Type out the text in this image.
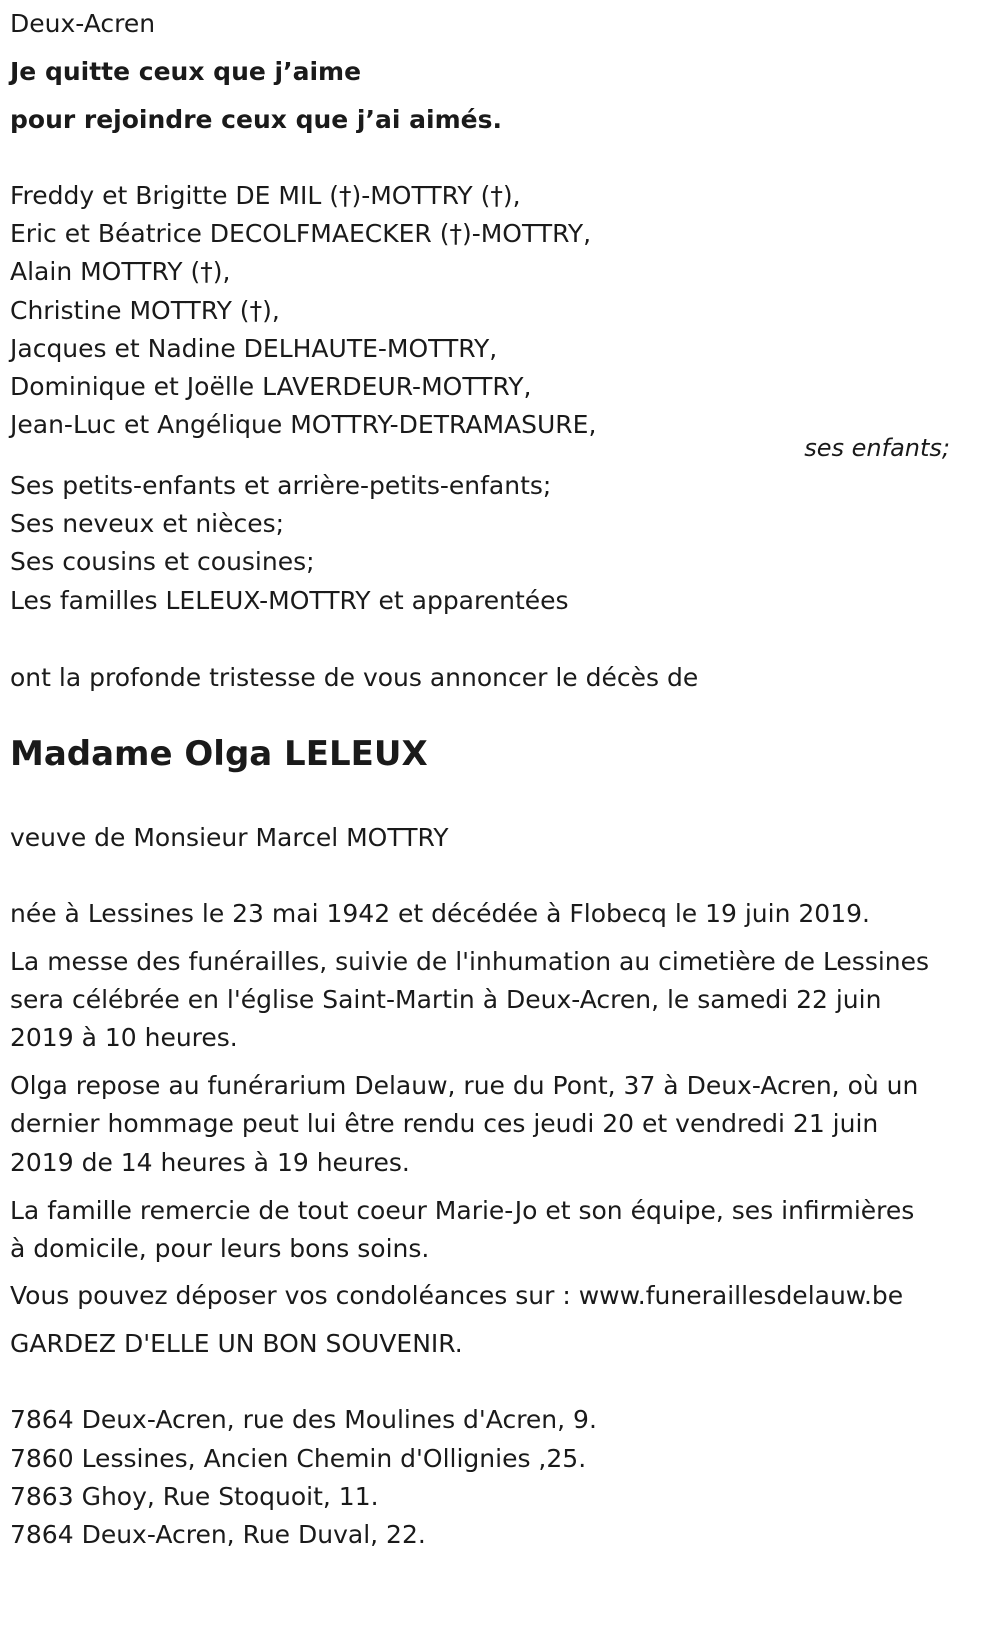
Deux-Acren
Je quitte ceux que j’aime
pour rejoindre ceux que j’ai aimés.
Freddy et Brigitte DE MIL (†)-MOTTRY (†),
Eric et Béatrice DECOLFMAECKER (†)-MOTTRY,
Alain MOTTRY (†),
Christine MOTTRY (†),
Jacques et Nadine DELHAUTE-MOTTRY,
Dominique et Joëlle LAVERDEUR-MOTTRY,
Jean-Luc et Angélique MOTTRY-DETRAMASURE,
ses enfants;
Ses petits-enfants et arrière-petits-enfants;
Ses neveux et nièces;
Ses cousins et cousines;
Les familles LELEUX-MOTTRY et apparentées
ont la profonde tristesse de vous annoncer le décès de
Madame Olga LELEUX
veuve de Monsieur Marcel MOTTRY
née à Lessines le 23 mai 1942 et décédée à Flobecq le 19 juin 2019.
La messe des funérailles, suivie de l'inhumation au cimetière de Lessines
sera célébrée en l'église Saint-Martin à Deux-Acren, le samedi 22 juin
2019 à 10 heures.
Olga repose au funérarium Delauw, rue du Pont, 37 à Deux-Acren, où un
dernier hommage peut lui être rendu ces jeudi 20 et vendredi 21 juin
2019 de 14 heures à 19 heures.
La famille remercie de tout coeur Marie-Jo et son équipe, ses infirmières
à domicile, pour leurs bons soins.
Vous pouvez déposer vos condoléances sur : www.funeraillesdelauw.be
GARDEZ D'ELLE UN BON SOUVENIR.
7864 Deux-Acren, rue des Moulines d'Acren, 9.
7860 Lessines, Ancien Chemin d'Ollignies ,25.
7863 Ghoy, Rue Stoquoit, 11.
7864 Deux-Acren, Rue Duval, 22.
